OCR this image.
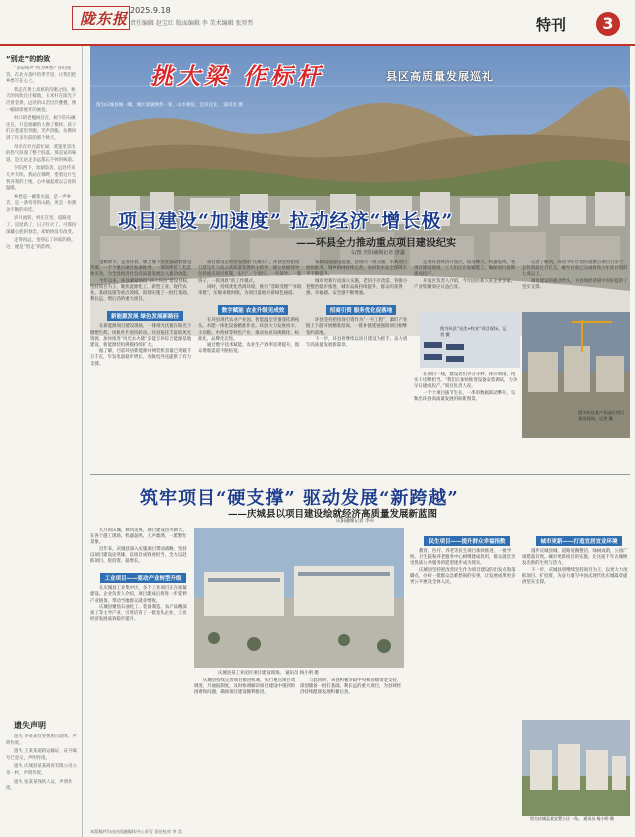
陇东报 2025.9.18
责任编辑 赵宝红 版面编辑 李 美术编辑 张智哲	特刊	3
“别走”的韵致

“多彩叫声”何为乡愁？你问我答，在北方落叶的季节里，让我们把乡愁写在心上。

我走在黄土高原的沟壑之间，秋天的风吹过庄稼地，玉米秆在阳光下泛着金黄，远处的山峦层层叠叠，像一幅徐徐展开的画卷。

村口的老槐树还在，树下的石碾还在，只是推碾的人换了模样。孩子们在巷道里奔跑，笑声清脆，仿佛回到了许多年前的那个秋天。

母亲在灶台前忙碌，蒸笼里冒出的热气弥漫了整个院落。那是家的味道，是无论走多远都忘不掉的味道。

夕阳西下，炊烟袅袅，远处传来几声犬吠。我站在塬畔，望着这片生我养我的土地，心中涌起难以言说的温暖。

乡愁是一碗浆水面，是一声乡音，是一条弯弯的山路，更是一份割舍不断的牵挂。

岁月流转，村庄在变，道路宽了，房屋新了，日子红火了。可那份深藏心底的眷恋，却始终没有改变。

走得再远，也别忘了回家的路。这，便是“别走”的韵致。

遗失声明

遗失 李某某营业执照正副本，声明作废。

遗失 王某某道路运输证，证号编号已登记，声明作废。

遗失 庆城县某某商贸有限公司公章一枚，声明作废。

遗失 张某某残疾人证，声明作废。

挑大梁 作标杆	县区高质量发展巡礼
图为庆城县城一隅，城区面貌焕然一新，山水相依，宜居宜业。 通讯员 摄
项目建设“加速度” 拉动经济“增长极”
——环县全力推动重点项目建设纪实
文/图 庆阳融媒记者 唐鑫

金秋时节，走进环县，塬上塬下处处涌动着建设热潮。一个个重点项目加速推进，一项项惠民工程落地见效，为全县经济社会高质量发展注入强劲动能。

今年以来，环县紧紧围绕“四个环县”建设目标，坚持项目为王，聚焦能源化工、新型工业、现代农业、基础设施等重点领域，谋划实施了一批打基础、利长远、增后劲的重大项目。

新能源发展 绿色发展新路径

在新能源项目建设现场，一排排光伏板在阳光下熠熠生辉，风机叶片迎风转动。环县依托丰富的风光资源，加快推进“风光水火储”多能互补综合能源基地建设，新能源装机规模持续扩大。

据了解，目前环县新能源并网装机容量已突破千万千瓦，年发电量稳步增长，为陇电外送提供了有力支撑。

项目建设是经济发展的“压舱石”。环县坚持把项目建设作为推动高质量发展的主抓手，建立县级领导包抓重点项目机制，实行“一个项目、一名领导、一套班子、一抓到底”的工作模式。

同时，持续优化营商环境，推行“容缺受理”“并联审批”，压缩审批时限，为项目落地开辟绿色通道。

数字赋能 农业升级见成效

在环县现代农业产业园，智能温室里番茄挂满枝头，水肥一体化设备精准作业。环县大力发展肉羊、小杂粮、中药材等特色产业，推动农业向规模化、标准化、品牌化迈进。

通过数字技术赋能，农业生产效率显著提升，群众增收渠道不断拓宽。

基础设施建设提速。县域内一批交通、水利项目加快推进，城乡路网持续完善，农村饮水安全保障水平不断提升。

城市更新行动深入实施，老旧小区改造、背街小巷整治稳步推进，城市品质持续提升，群众的获得感、幸福感、安全感不断增强。

招商引资 服务优化促落地

环县坚持把招商引资作为“一号工程”，紧盯产业链上下游开展精准招商，一批补链延链强链项目相继签约落地。

下一步，环县将继续以项目建设为抓手，奋力谱写高质量发展新篇章。

走进环县经济开发区，塔吊林立，机器轰鸣。各项目建设现场，工人们正在加紧施工，确保项目按期建成投产。

开发区负责人介绍，今年园区新入驻企业多家，产业集聚效应日益凸显。

记者了解到，环县今年计划实施重点项目百余个，总投资超过百亿元，截至目前已完成投资占年度计划的七成以上。

项目建设的强劲势头，为县域经济稳中向好提供了坚实支撑。

图为环县“光伏+牧业”项目现场。记者 摄
图为环县某产业园区项目建设现场。记者 摄

在项目一线，建设者们争分夺秒、挥汗如雨，用实干诠释担当。“我们正加快推进设备安装调试，力争早日建成投产。”项目负责人说。

一个个项目拔节生长，一串串数据跃动攀升，勾勒出环县高质量发展的崭新图景。

筑牢项目“硬支撑” 驱动发展“新跨越”
——庆城县以项目建设绘就经济高质量发展新蓝图
庆阳融媒记者 李卓

九月的庆城，秋风送爽，项目建设热火朝天。在各个施工现场，机器轰鸣、人声鼎沸，一派繁忙景象。

近年来，庆城县深入实施项目带动战略，坚持以项目建设论英雄、以项目成效看担当，全力以赴抓项目、促投资、稳增长。

工业项目——驱动产业转型升级

在庆城县工业集中区，多个工业项目正在加紧建设。企业负责人介绍，项目建成后将进一步延伸产业链条，带动当地群众就业增收。

庆城县聚焦石油化工、装备制造、农产品精深加工等主导产业，引进培育了一批龙头企业，工业经济发展质效稳步提升。

庆城县某工业园区项目建设现场。 通讯员 杨小明 摄

庆城县持续完善项目推进机制，实行重点项目周调度、月通报制度，及时协调解决项目建设中遇到的困难和问题，确保项目建设顺利推进。

与此同时，该县积极争取中央和省级资金支持，谋划储备一批打基础、利长远的重大项目，为县域经济持续健康发展积蓄后劲。

民生项目——提升群众幸福指数

教育、医疗、养老等民生项目加快推进，一批学校、卫生院和养老服务中心相继建成投用，群众就近享受优质公共服务的愿望逐步成为现实。

庆城县坚持把改善民生作为项目建设的出发点和落脚点，办好一批群众急难愁盼的实事，让发展成果更多更公平惠及全体人民。

城市更新——打造宜居宜业环境

漫步庆城县城，道路宽敞整洁，绿树成荫，公园广场错落有致。城市更新项目的实施，让这座千年古城焕发出新的生机与活力。

下一步，庆城县将继续坚持项目为王，以更大力度抓项目、扩投资，为奋力谱写中国式现代化庆城篇章提供坚实支撑。

图为庆城县某安置小区一角。 通讯员 杨小明 摄
本版稿件均由庆阳融媒体中心采写 责任校对 李 美
